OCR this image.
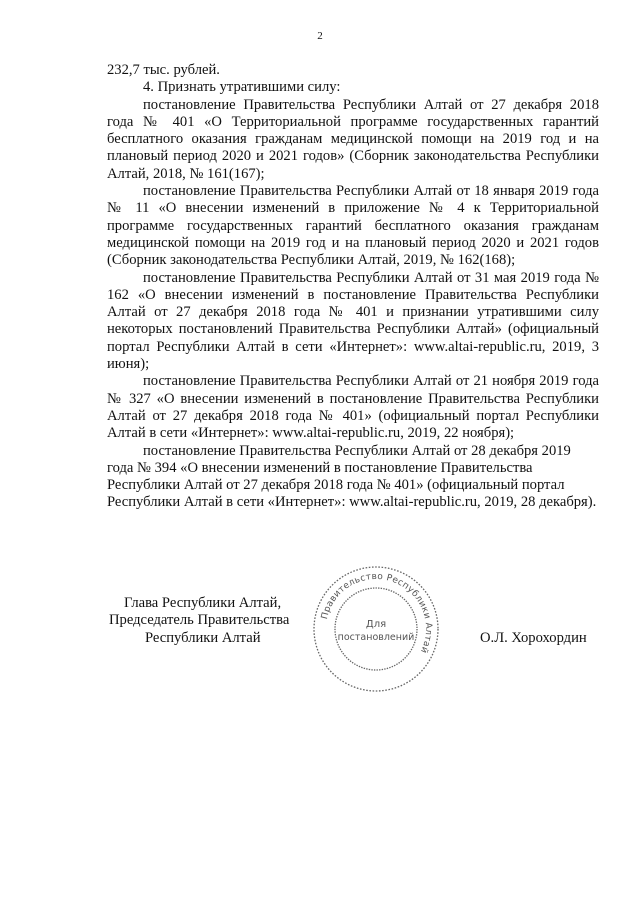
2

232,7 тыс. рублей.

4. Признать утратившими силу:

постановление Правительства Республики Алтай от 27 декабря 2018 года № 401 «О Территориальной программе государственных гарантий бесплатного оказания гражданам медицинской помощи на 2019 год и на плановый период 2020 и 2021 годов» (Сборник законодательства Республики Алтай, 2018, № 161(167);

постановление Правительства Республики Алтай от 18 января 2019 года № 11 «О внесении изменений в приложение № 4 к Территориальной программе государственных гарантий бесплатного оказания гражданам медицинской помощи на 2019 год и на плановый период 2020 и 2021 годов (Сборник законодательства Республики Алтай, 2019, № 162(168);

постановление Правительства Республики Алтай от 31 мая 2019 года № 162 «О внесении изменений в постановление Правительства Республики Алтай от 27 декабря 2018 года № 401 и признании утратившими силу некоторых постановлений Правительства Республики Алтай» (официальный портал Республики Алтай в сети «Интернет»: www.altai-republic.ru, 2019, 3 июня);

постановление Правительства Республики Алтай от 21 ноября 2019 года № 327 «О внесении изменений в постановление Правительства Республики Алтай от 27 декабря 2018 года № 401» (официальный портал Республики Алтай в сети «Интернет»: www.altai-republic.ru, 2019, 22 ноября);

постановление Правительства Республики Алтай от 28 декабря 2019 года № 394 «О внесении изменений в постановление Правительства Республики Алтай от 27 декабря 2018 года № 401» (официальный портал Республики Алтай в сети «Интернет»: www.altai-republic.ru, 2019, 28 декабря).

Глава Республики Алтай,
Председатель Правительства
Республики Алтай
Правительство Республики Алтай
Для
постановлений	О.Л. Хорохордин
